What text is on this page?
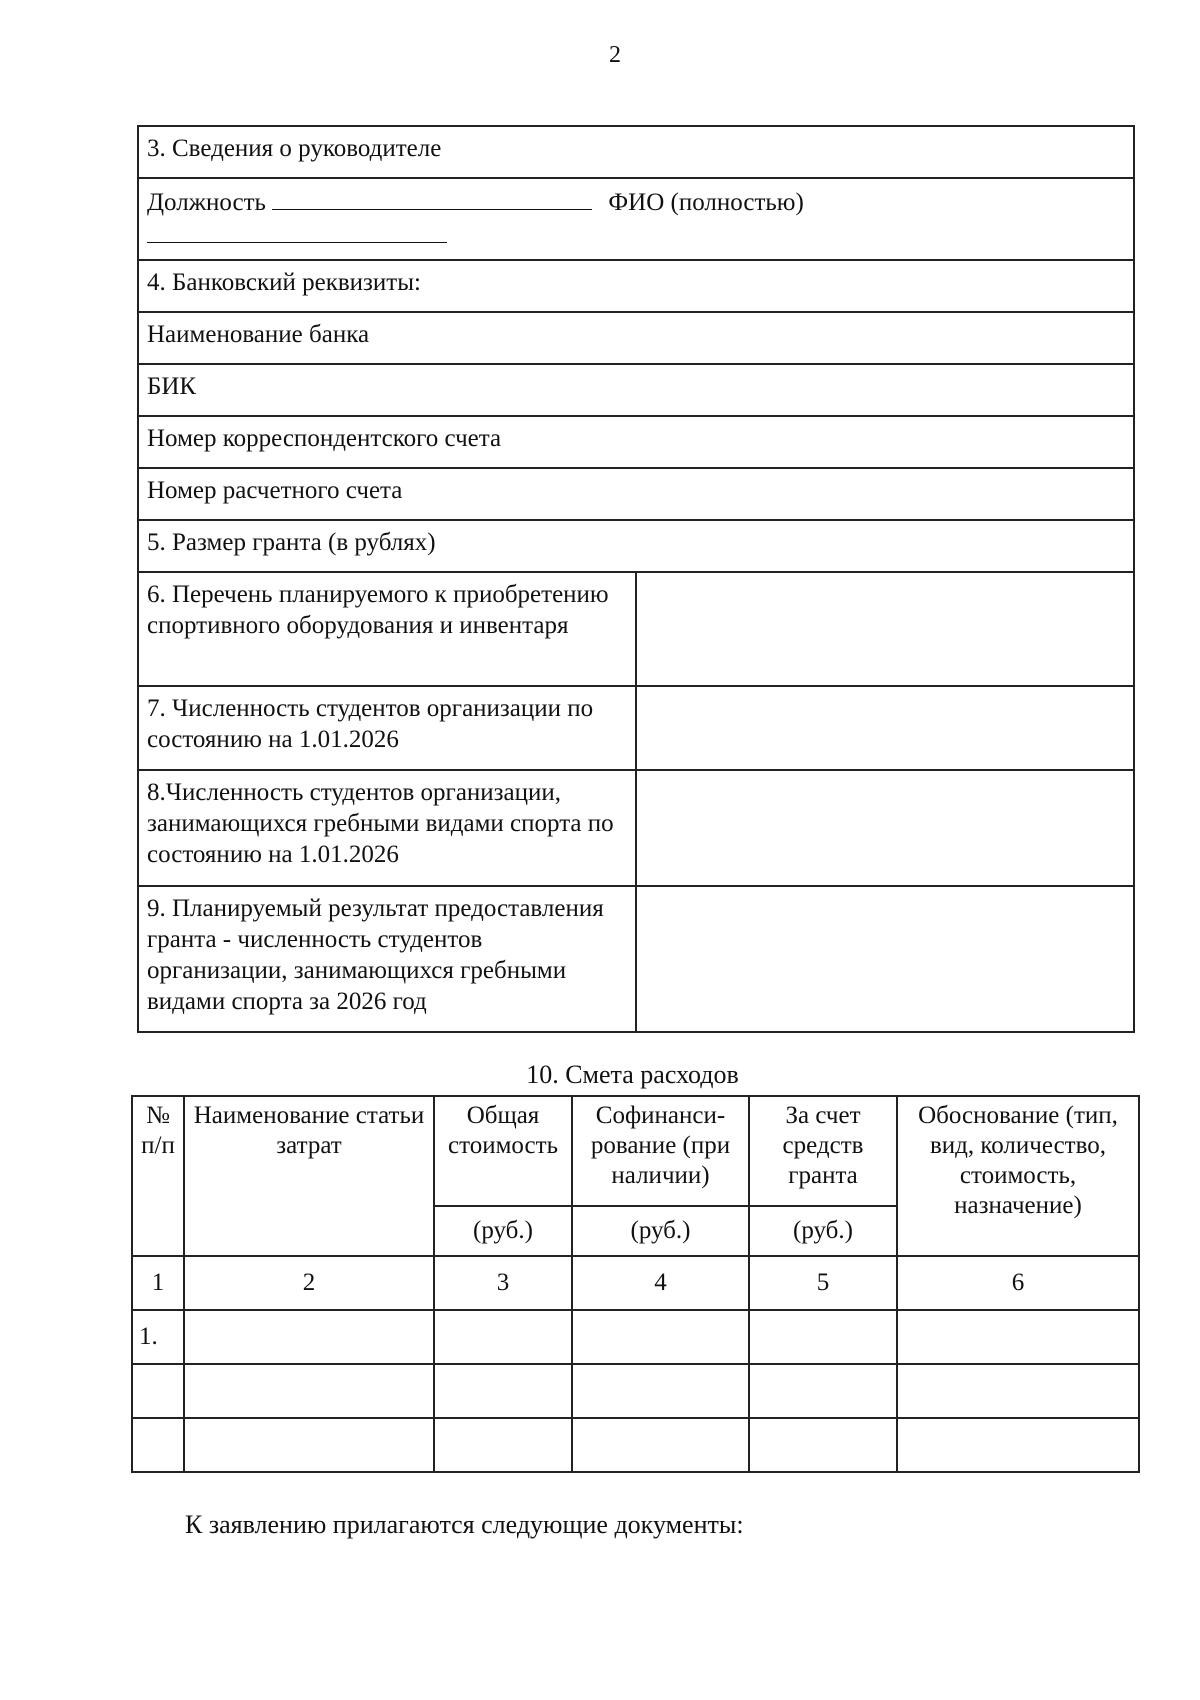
2
3. Сведения о руководителе	
Должность ФИО (полностью)	

4. Банковский реквизиты:	
Наименование банка	
БИК	
Номер корреспондентского счета	
Номер расчетного счета	
5. Размер гранта (в рублях)	
6. Перечень планируемого к приобретению спортивного оборудования и инвентаря	
7. Численность студентов организации по состоянию на 1.01.2026	
8.Численность студентов организации, занимающихся гребными видами спорта по состоянию на 1.01.2026	
9. Планируемый результат предоставления гранта - численность студентов организации, занимающихся гребными видами спорта за 2026 год	
10. Смета расходов
№ п/п	Наименование статьи затрат	Общая стоимость	Софинанси-рование (при наличии)	За счет средств гранта	Обоснование (тип, вид, количество, стоимость, назначение)
		(руб.)	(руб.)	(руб.)	
1	2	3	4	5	6
1.					

К заявлению прилагаются следующие документы:
